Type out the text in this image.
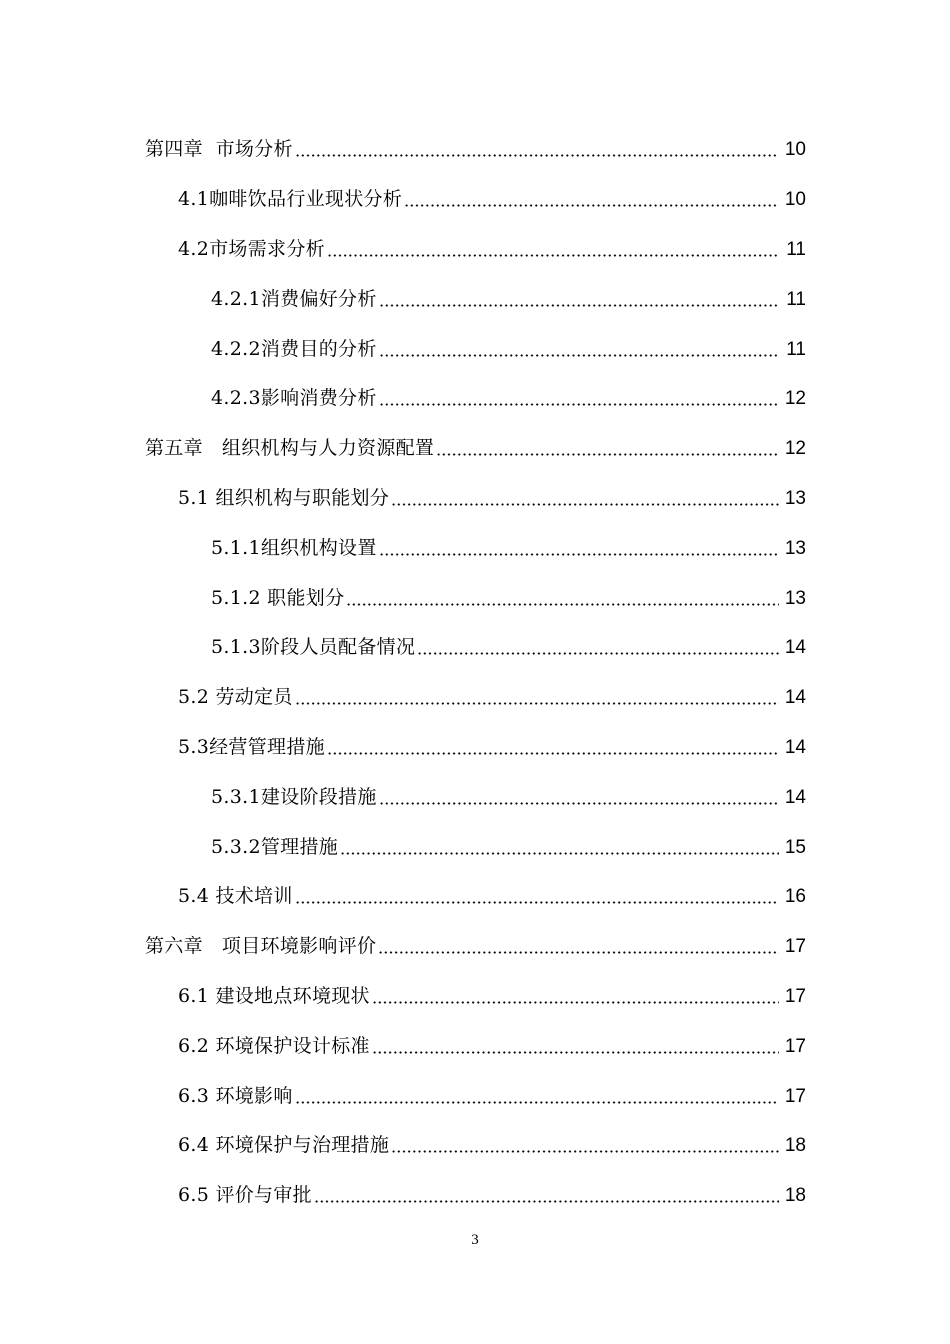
第四章  市场分析	10
4.1咖啡饮品行业现状分析	10
4.2市场需求分析	11
4.2.1消费偏好分析	11
4.2.2消费目的分析	11
4.2.3影响消费分析	12
第五章   组织机构与人力资源配置	12
5.1 组织机构与职能划分	13
5.1.1组织机构设置	13
5.1.2 职能划分	13
5.1.3阶段人员配备情况	14
5.2 劳动定员	14
5.3经营管理措施	14
5.3.1建设阶段措施	14
5.3.2管理措施	15
5.4 技术培训	16
第六章   项目环境影响评价	17
6.1 建设地点环境现状	17
6.2 环境保护设计标准	17
6.3 环境影响	17
6.4 环境保护与治理措施	18
6.5 评价与审批	18
3
